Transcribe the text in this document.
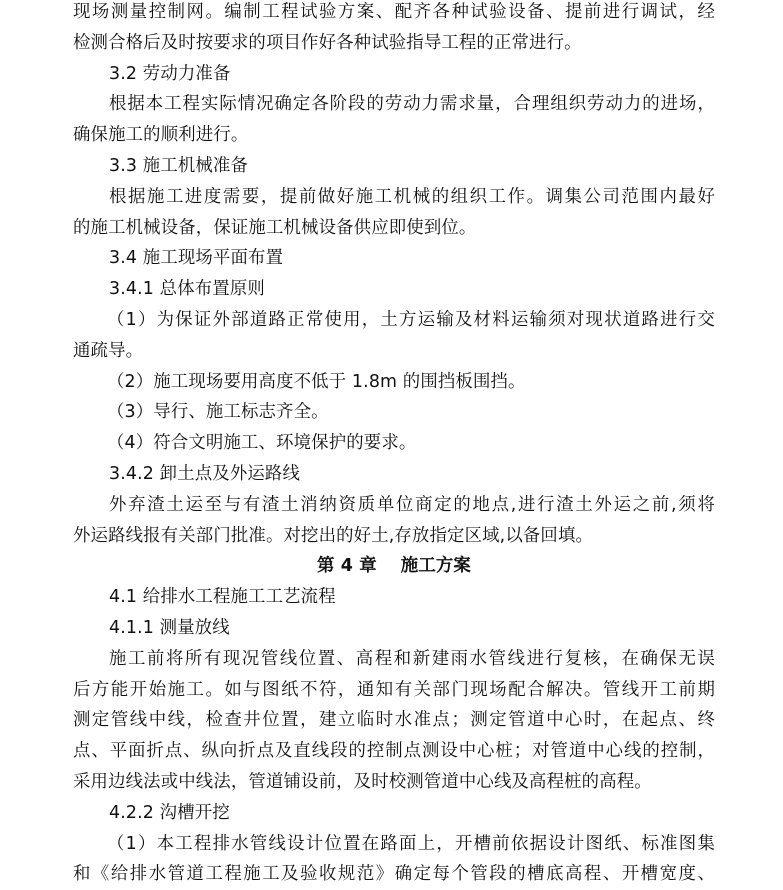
现场测量控制网。编制工程试验方案、配齐各种试验设备、提前进行调试，经
检测合格后及时按要求的项目作好各种试验指导工程的正常进行。
3.2 劳动力准备
根据本工程实际情况确定各阶段的劳动力需求量，合理组织劳动力的进场，
确保施工的顺利进行。
3.3 施工机械准备
根据施工进度需要，提前做好施工机械的组织工作。调集公司范围内最好
的施工机械设备，保证施工机械设备供应即使到位。
3.4 施工现场平面布置
3.4.1 总体布置原则
（1）为保证外部道路正常使用，土方运输及材料运输须对现状道路进行交
通疏导。
（2）施工现场要用高度不低于 1.8m 的围挡板围挡。
（3）导行、施工标志齐全。
（4）符合文明施工、环境保护的要求。
3.4.2 卸土点及外运路线
外弃渣土运至与有渣土消纳资质单位商定的地点,进行渣土外运之前,须将
外运路线报有关部门批准。对挖出的好土,存放指定区域,以备回填。
第 4 章 施工方案
4.1 给排水工程施工工艺流程
4.1.1 测量放线
施工前将所有现况管线位置、高程和新建雨水管线进行复核，在确保无误
后方能开始施工。如与图纸不符，通知有关部门现场配合解决。管线开工前期
测定管线中线，检查井位置，建立临时水准点；测定管道中心时，在起点、终
点、平面折点、纵向折点及直线段的控制点测设中心桩；对管道中心线的控制，
采用边线法或中线法，管道铺设前，及时校测管道中心线及高程桩的高程。
4.2.2 沟槽开挖
（1）本工程排水管线设计位置在路面上，开槽前依据设计图纸、标准图集
和《给排水管道工程施工及验收规范》确定每个管段的槽底高程、开槽宽度、
